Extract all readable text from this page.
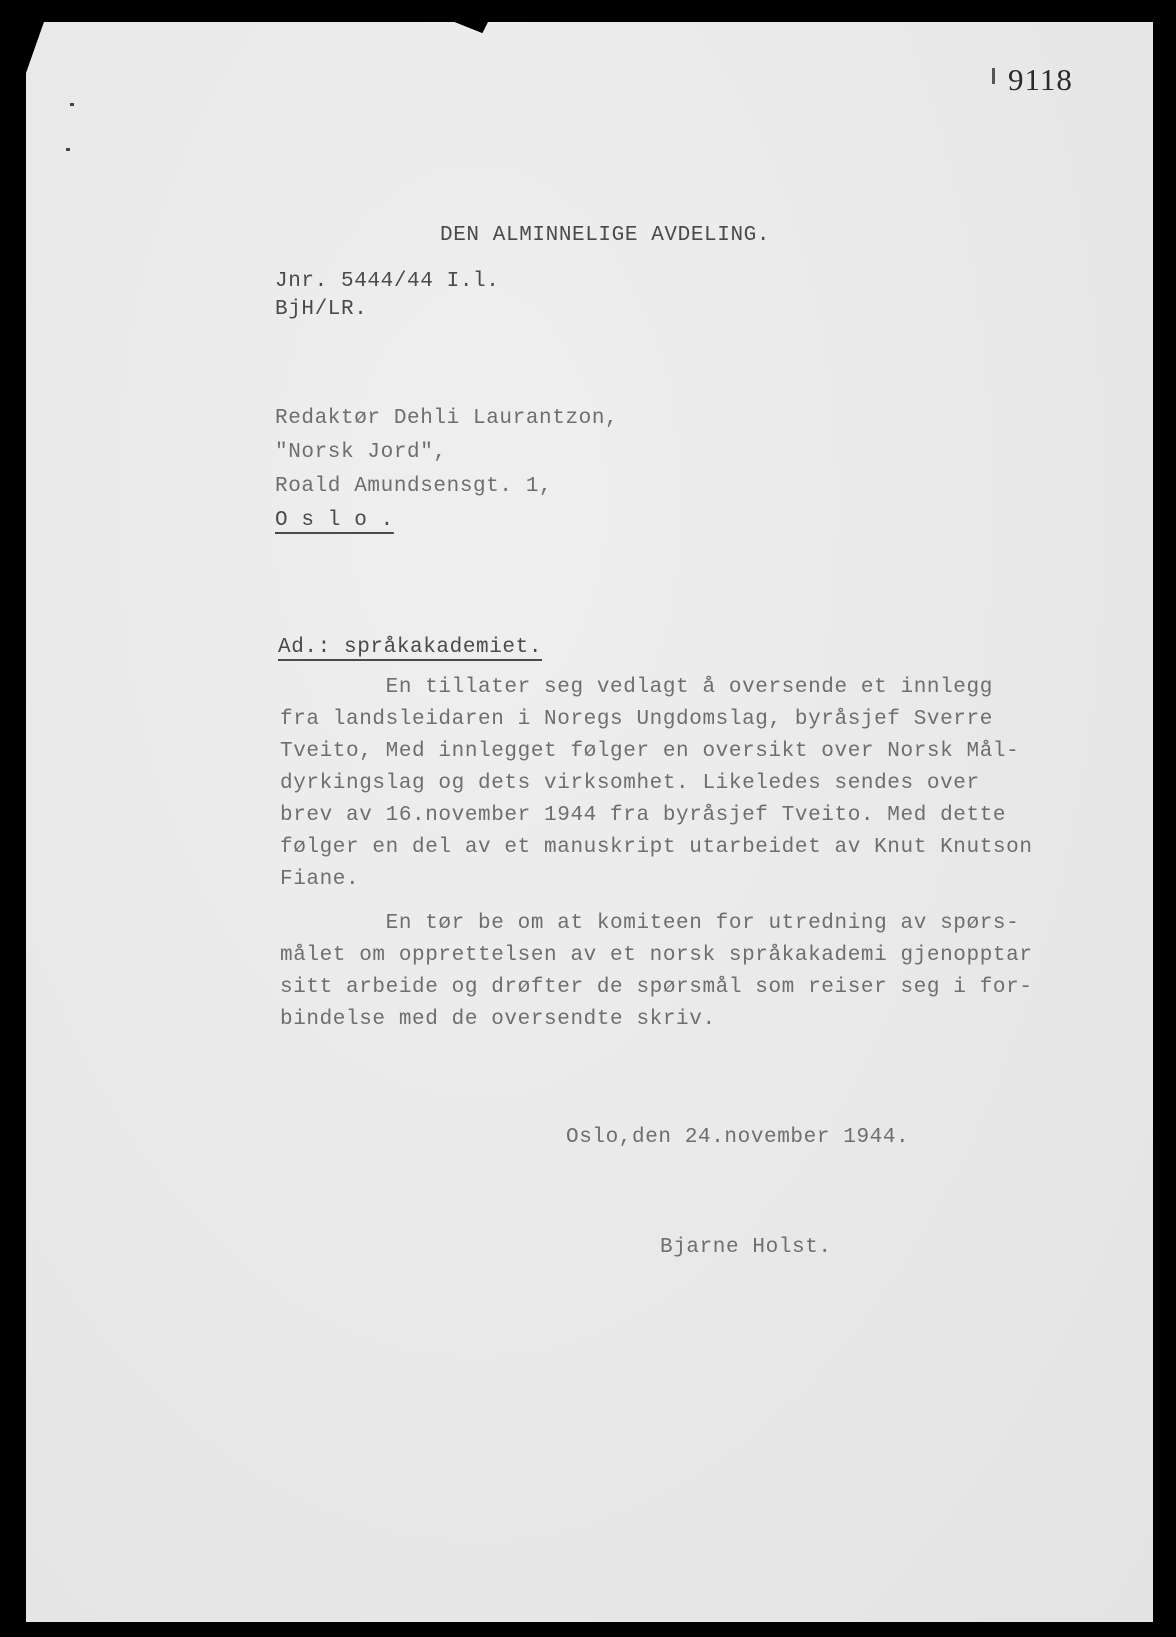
9118
DEN ALMINNELIGE AVDELING.
Jnr. 5444/44 I.l.
BjH/LR.
Redaktør Dehli Laurantzon,
"Norsk Jord",
Roald Amundsensgt. 1,
O s l o .
Ad.: språkakademiet.

En tillater seg vedlagt å oversende et innlegg

fra landsleidaren i Noregs Ungdomslag, byråsjef Sverre

Tveito, Med innlegget følger en oversikt over Norsk Mål-

dyrkingslag og dets virksomhet. Likeledes sendes over

brev av 16.november 1944 fra byråsjef Tveito. Med dette

følger en del av et manuskript utarbeidet av Knut Knutson

Fiane.

En tør be om at komiteen for utredning av spørs-

målet om opprettelsen av et norsk språkakademi gjenopptar

sitt arbeide og drøfter de spørsmål som reiser seg i for-

bindelse med de oversendte skriv.

Oslo,den 24.november 1944.
Bjarne Holst.
